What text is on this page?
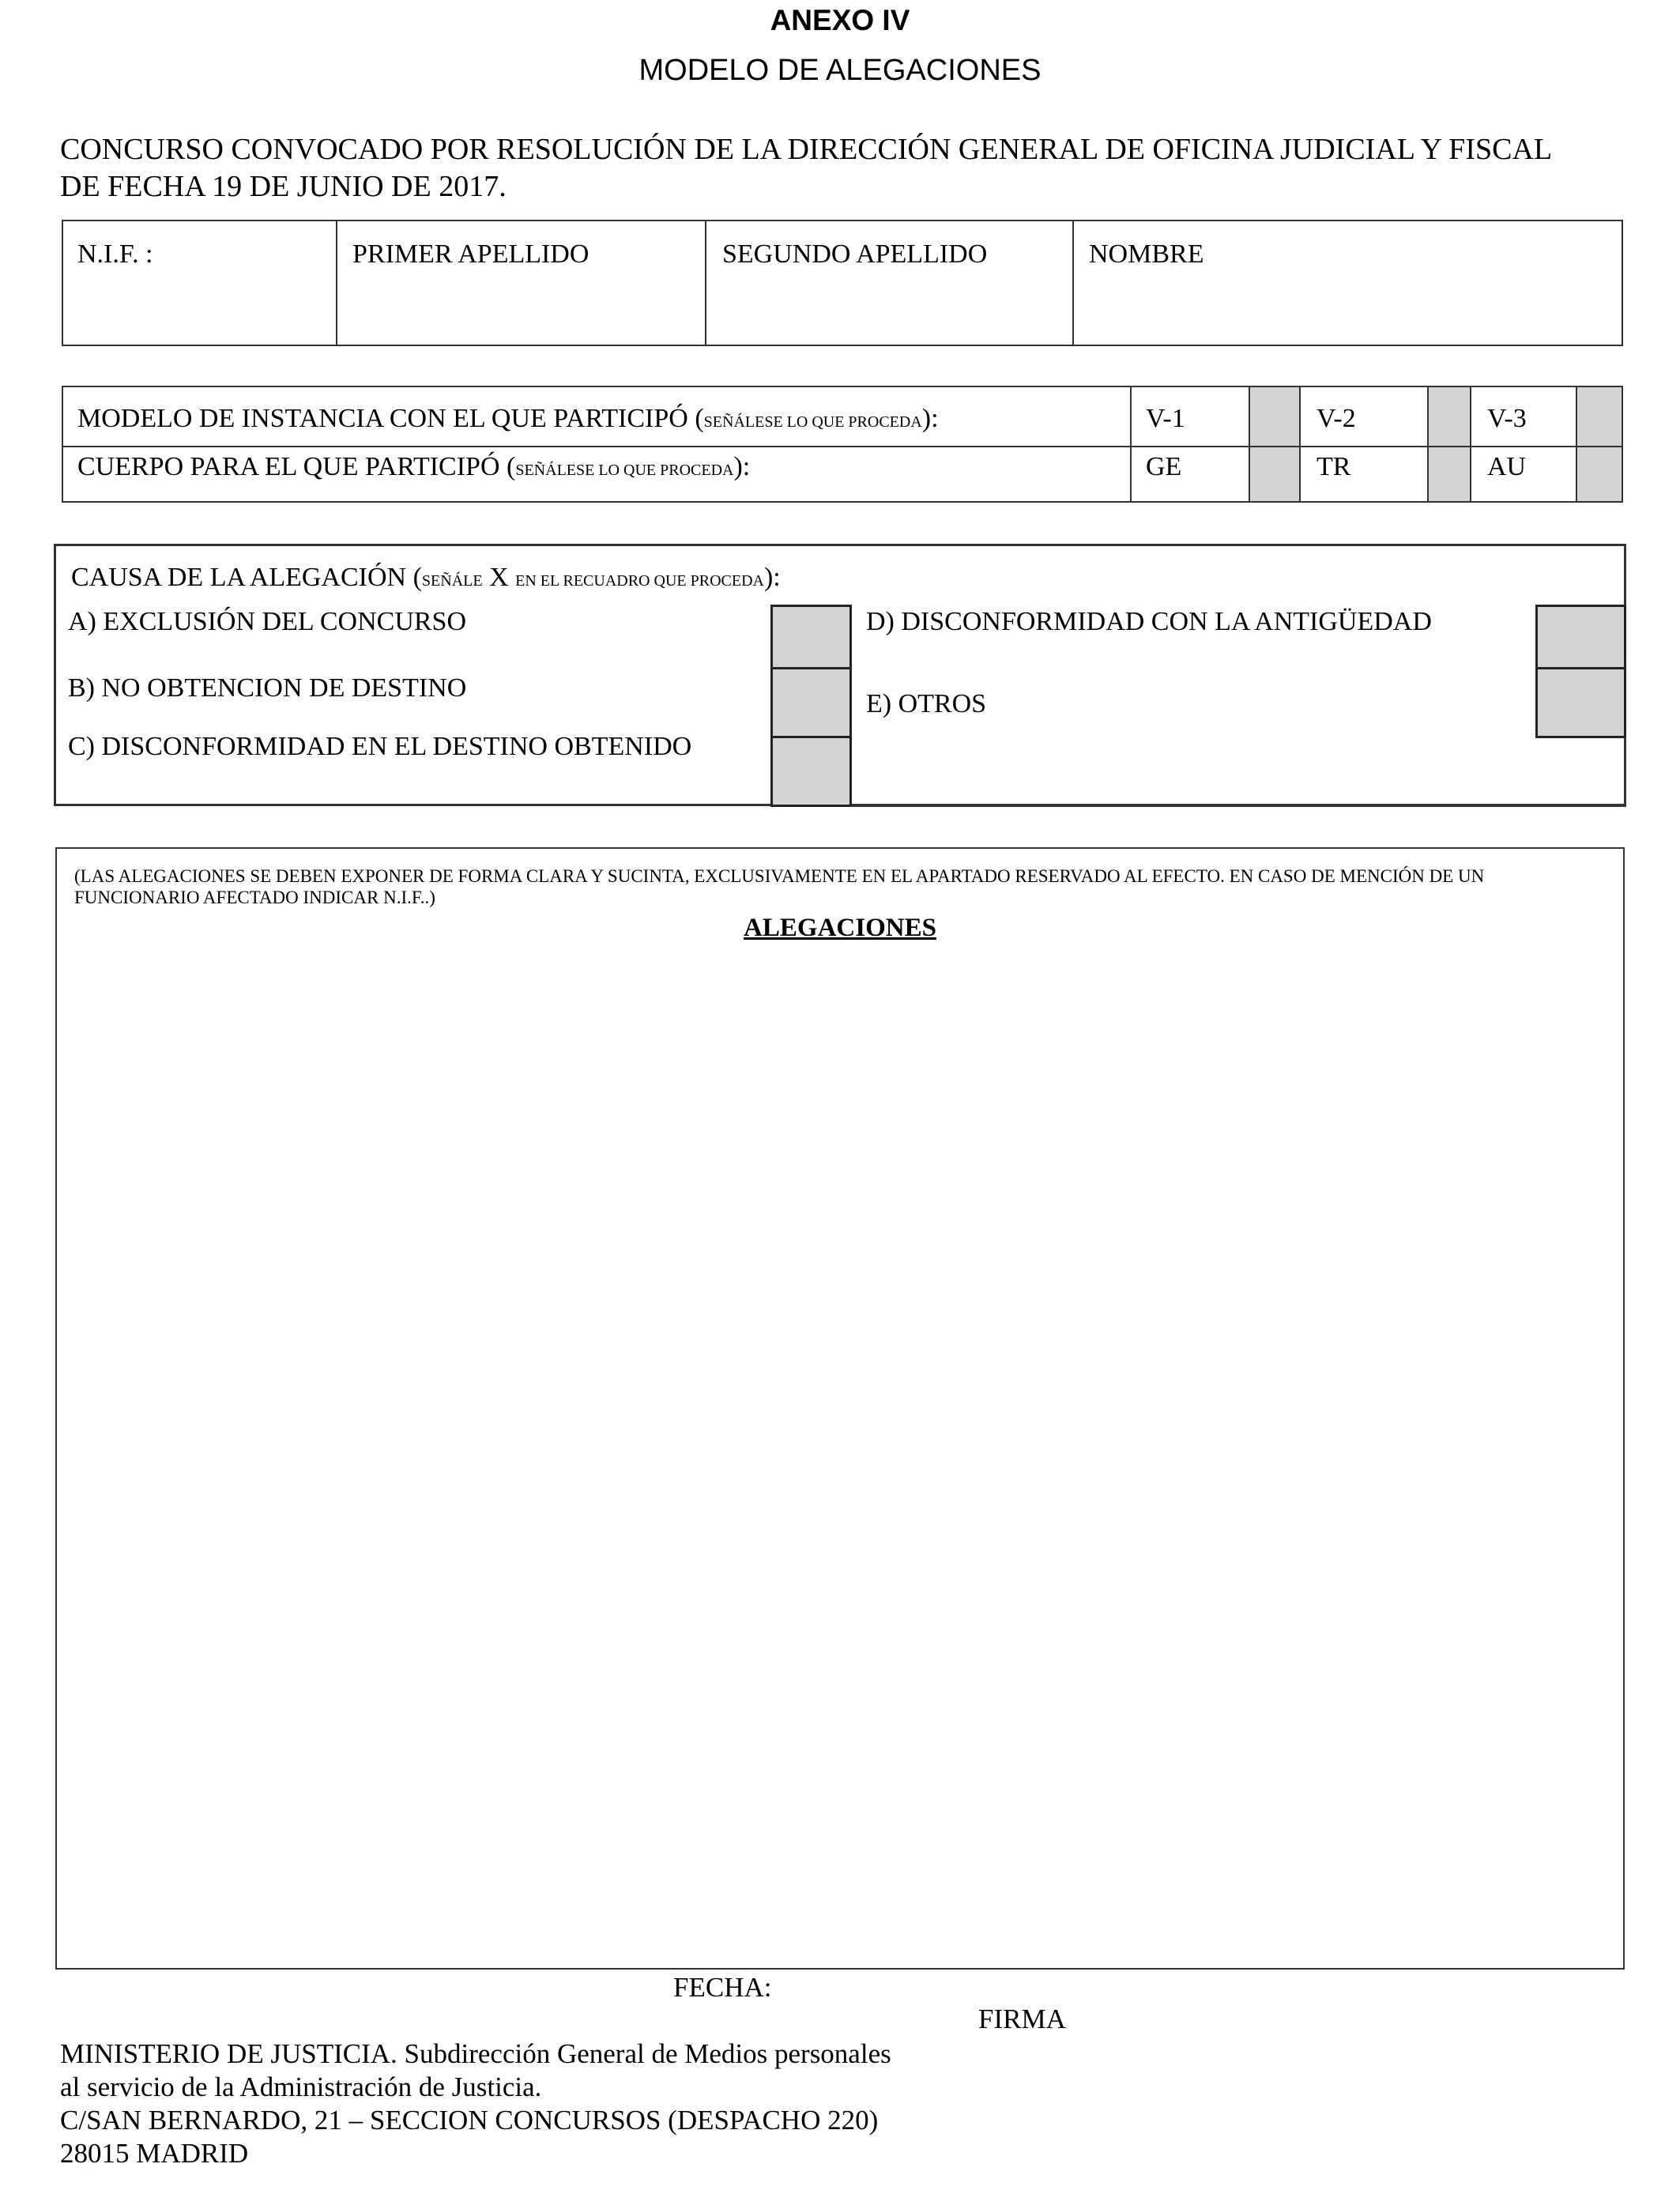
ANEXO IV
MODELO DE ALEGACIONES
CONCURSO CONVOCADO POR RESOLUCIÓN DE LA DIRECCIÓN GENERAL DE OFICINA JUDICIAL Y FISCAL
DE FECHA 19 DE JUNIO DE 2017.
N.I.F. :	PRIMER APELLIDO	SEGUNDO APELLIDO	NOMBRE
MODELO DE INSTANCIA CON EL QUE PARTICIPÓ (SEÑÁLESE LO QUE PROCEDA):	V-1	V-2	V-3
CUERPO PARA EL QUE PARTICIPÓ (SEÑÁLESE LO QUE PROCEDA):	GE	TR	AU
CAUSA DE LA ALEGACIÓN (SEÑÁLE X EN EL RECUADRO QUE PROCEDA):
A) EXCLUSIÓN DEL CONCURSO
B) NO OBTENCION DE DESTINO
C) DISCONFORMIDAD EN EL DESTINO OBTENIDO
D) DISCONFORMIDAD CON LA ANTIGÜEDAD
E) OTROS
(LAS ALEGACIONES SE DEBEN EXPONER DE FORMA CLARA Y SUCINTA, EXCLUSIVAMENTE EN EL APARTADO RESERVADO AL EFECTO. EN CASO DE MENCIÓN DE UN FUNCIONARIO AFECTADO INDICAR N.I.F..)
ALEGACIONES
FECHA:
FIRMA
MINISTERIO DE JUSTICIA. Subdirección General de Medios personales
al servicio de la Administración de Justicia.
C/SAN BERNARDO, 21 – SECCION CONCURSOS (DESPACHO 220)
28015 MADRID
